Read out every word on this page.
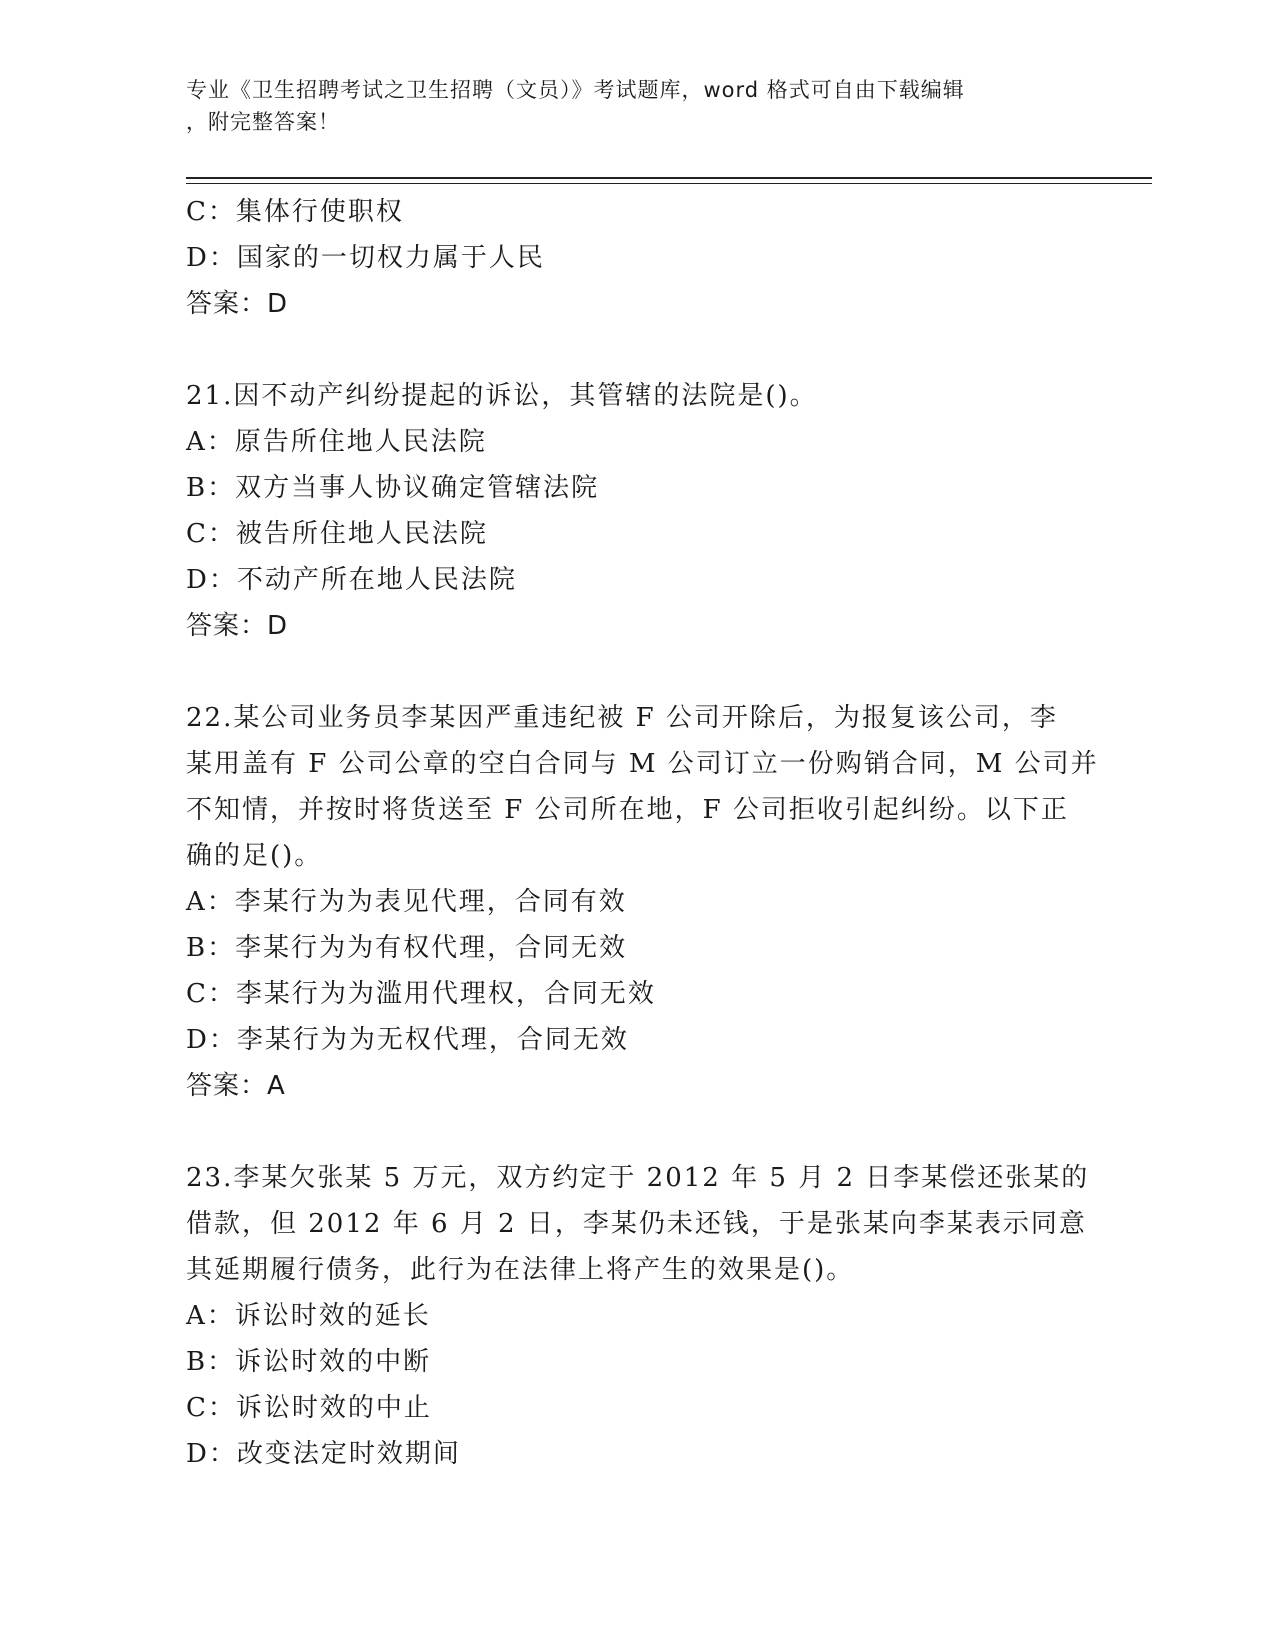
专业《卫生招聘考试之卫生招聘（文员）》考试题库，word 格式可自由下载编辑
，附完整答案！
C：集体行使职权
D：国家的一切权力属于人民
答案：D
21.因不动产纠纷提起的诉讼，其管辖的法院是()。
A：原告所住地人民法院
B：双方当事人协议确定管辖法院
C：被告所住地人民法院
D：不动产所在地人民法院
答案：D
22.某公司业务员李某因严重违纪被 F 公司开除后，为报复该公司，李
某用盖有 F 公司公章的空白合同与 M 公司订立一份购销合同，M 公司并
不知情，并按时将货送至 F 公司所在地，F 公司拒收引起纠纷。以下正
确的足()。
A：李某行为为表见代理，合同有效
B：李某行为为有权代理，合同无效
C：李某行为为滥用代理权，合同无效
D：李某行为为无权代理，合同无效
答案：A
23.李某欠张某 5 万元，双方约定于 2012 年 5 月 2 日李某偿还张某的
借款，但 2012 年 6 月 2 日，李某仍未还钱，于是张某向李某表示同意
其延期履行债务，此行为在法律上将产生的效果是()。
A：诉讼时效的延长
B：诉讼时效的中断
C：诉讼时效的中止
D：改变法定时效期间
